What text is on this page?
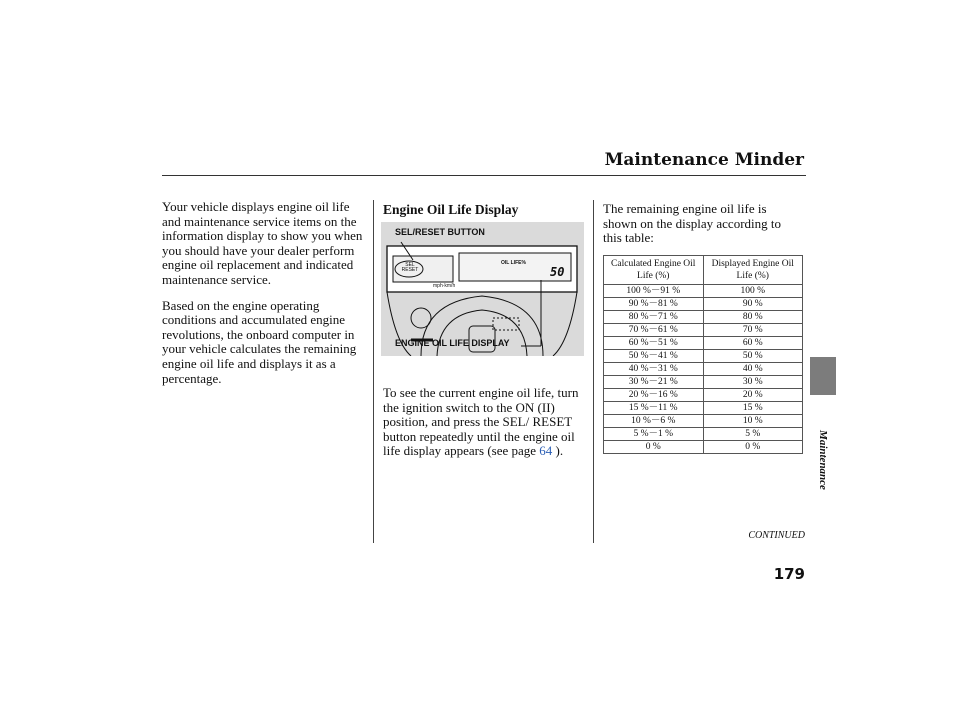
Maintenance Minder

Your vehicle displays engine oil life and maintenance service items on the information display to show you when you should have your dealer perform engine oil replacement and indicated maintenance service.

Based on the engine operating conditions and accumulated engine revolutions, the onboard computer in your vehicle calculates the remaining engine oil life and displays it as a percentage.

Engine Oil Life Display
SEL/RESET BUTTON
SEL RESET
OIL LIFE%
50
mph·km/h
ENGINE OIL LIFE DISPLAY
To see the current engine oil life, turn the ignition switch to the ON (II) position, and press the SEL/ RESET button repeatedly until the engine oil life display appears (see page 64 ).
The remaining engine oil life is shown on the display according to this table:
Calculated Engine Oil Life (%)	Displayed Engine Oil Life (%)
100 %－91 %	100 %
90 %－81 %	90 %
80 %－71 %	80 %
70 %－61 %	70 %
60 %－51 %	60 %
50 %－41 %	50 %
40 %－31 %	40 %
30 %－21 %	30 %
20 %－16 %	20 %
15 %－11 %	15 %
10 %－6 %	10 %
5 %－1 %	5 %
0 %	0 %	Maintenance
CONTINUED
179
